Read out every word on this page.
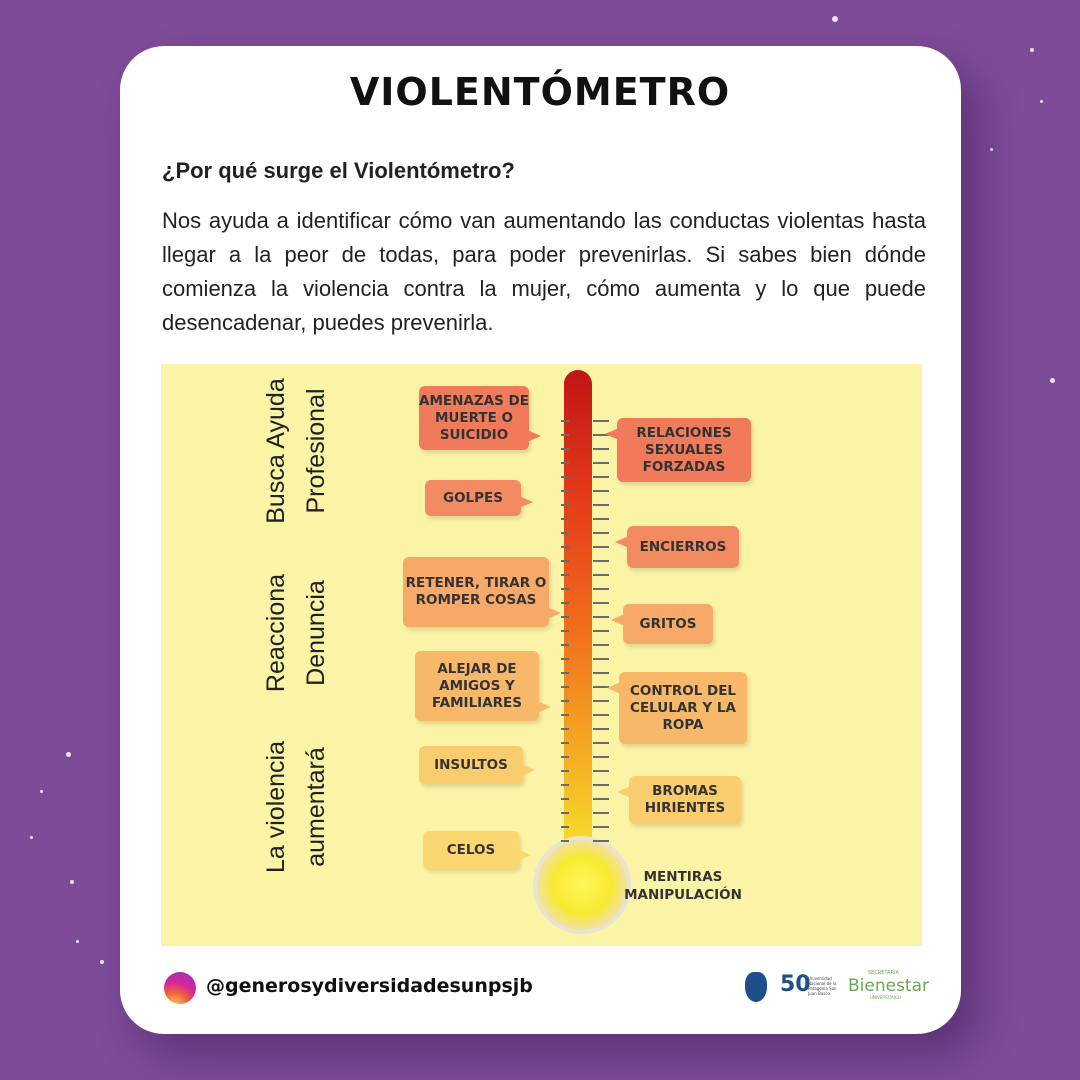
VIOLENTÓMETRO
¿Por qué surge el Violentómetro?
Nos ayuda a identificar cómo van aumentando las conductas violentas hasta llegar a la peor de todas, para poder prevenirlas. Si sabes bien dónde comienza la violencia contra la mujer, cómo aumenta y lo que puede desencadenar, puedes prevenirla.
Busca Ayuda Profesional
Reacciona Denuncia
La violencia aumentará
AMENAZAS DE MUERTE O SUICIDIO
GOLPES
RETENER, TIRAR O ROMPER COSAS
ALEJAR DE AMIGOS Y FAMILIARES
INSULTOS
CELOS
RELACIONES SEXUALES FORZADAS
ENCIERROS
GRITOS
CONTROL DEL CELULAR Y LA ROPA
BROMAS HIRIENTES
MENTIRAS MANIPULACIÓN
@generosydiversidadesunpsjb	50
Universidad Nacional de la Patagonia San Juan Bosco
SECRETARÍA
Bienestar
UNIVERSITARIO
